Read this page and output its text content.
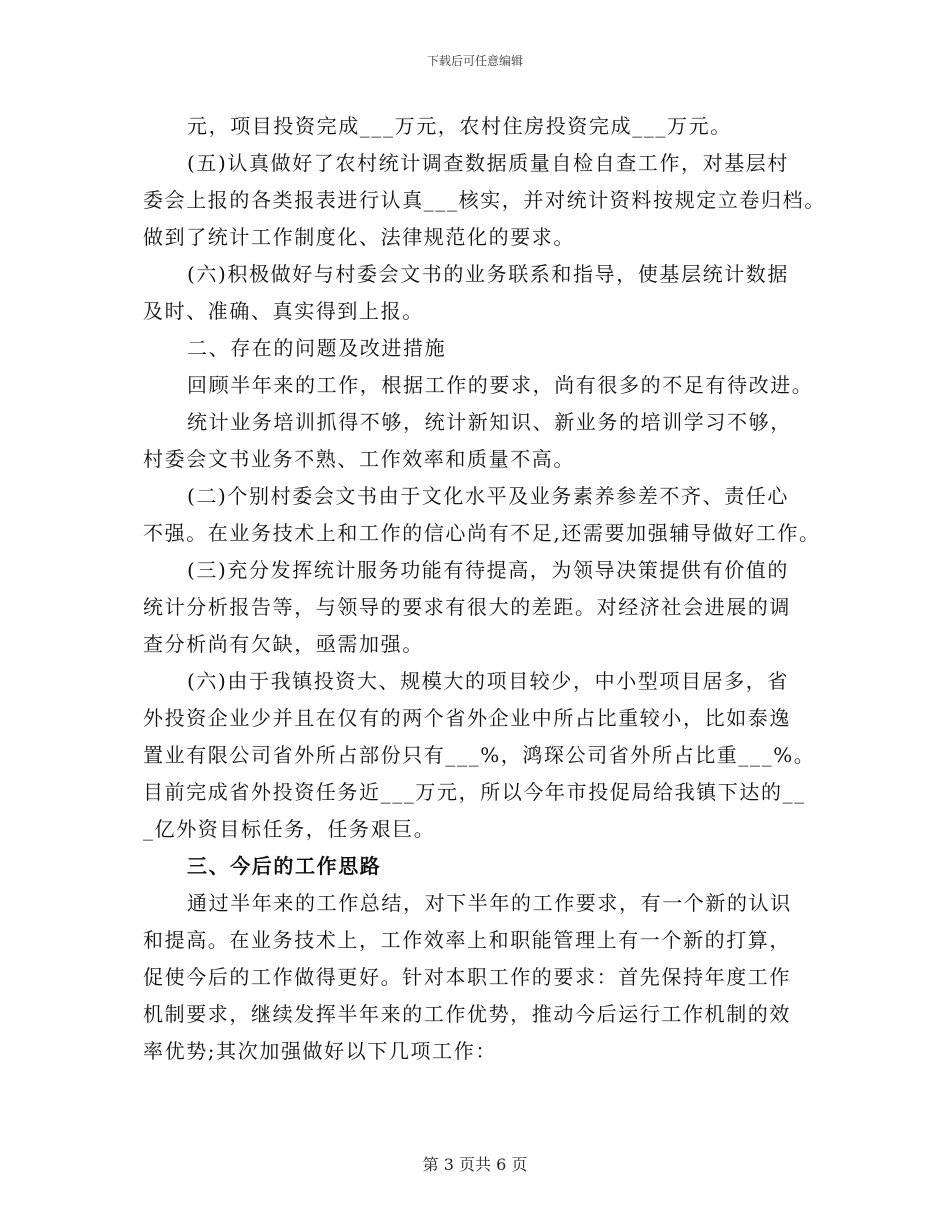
下载后可任意编辑
元，项目投资完成___万元，农村住房投资完成___万元。
(五)认真做好了农村统计调查数据质量自检自查工作，对基层村
委会上报的各类报表进行认真___核实，并对统计资料按规定立卷归档。
做到了统计工作制度化、法律规范化的要求。
(六)积极做好与村委会文书的业务联系和指导，使基层统计数据
及时、准确、真实得到上报。
二、存在的问题及改进措施
回顾半年来的工作，根据工作的要求，尚有很多的不足有待改进。
统计业务培训抓得不够，统计新知识、新业务的培训学习不够，
村委会文书业务不熟、工作效率和质量不高。
(二)个别村委会文书由于文化水平及业务素养参差不齐、责任心
不强。在业务技术上和工作的信心尚有不足,还需要加强辅导做好工作。
(三)充分发挥统计服务功能有待提高，为领导决策提供有价值的
统计分析报告等，与领导的要求有很大的差距。对经济社会进展的调
查分析尚有欠缺，亟需加强。
(六)由于我镇投资大、规模大的项目较少，中小型项目居多，省
外投资企业少并且在仅有的两个省外企业中所占比重较小，比如泰逸
置业有限公司省外所占部份只有___%，鸿琛公司省外所占比重___%。
目前完成省外投资任务近___万元，所以今年市投促局给我镇下达的__
_亿外资目标任务，任务艰巨。
三、今后的工作思路
通过半年来的工作总结，对下半年的工作要求，有一个新的认识
和提高。在业务技术上，工作效率上和职能管理上有一个新的打算，
促使今后的工作做得更好。针对本职工作的要求：首先保持年度工作
机制要求，继续发挥半年来的工作优势，推动今后运行工作机制的效
率优势;其次加强做好以下几项工作：
第 3 页共 6 页
